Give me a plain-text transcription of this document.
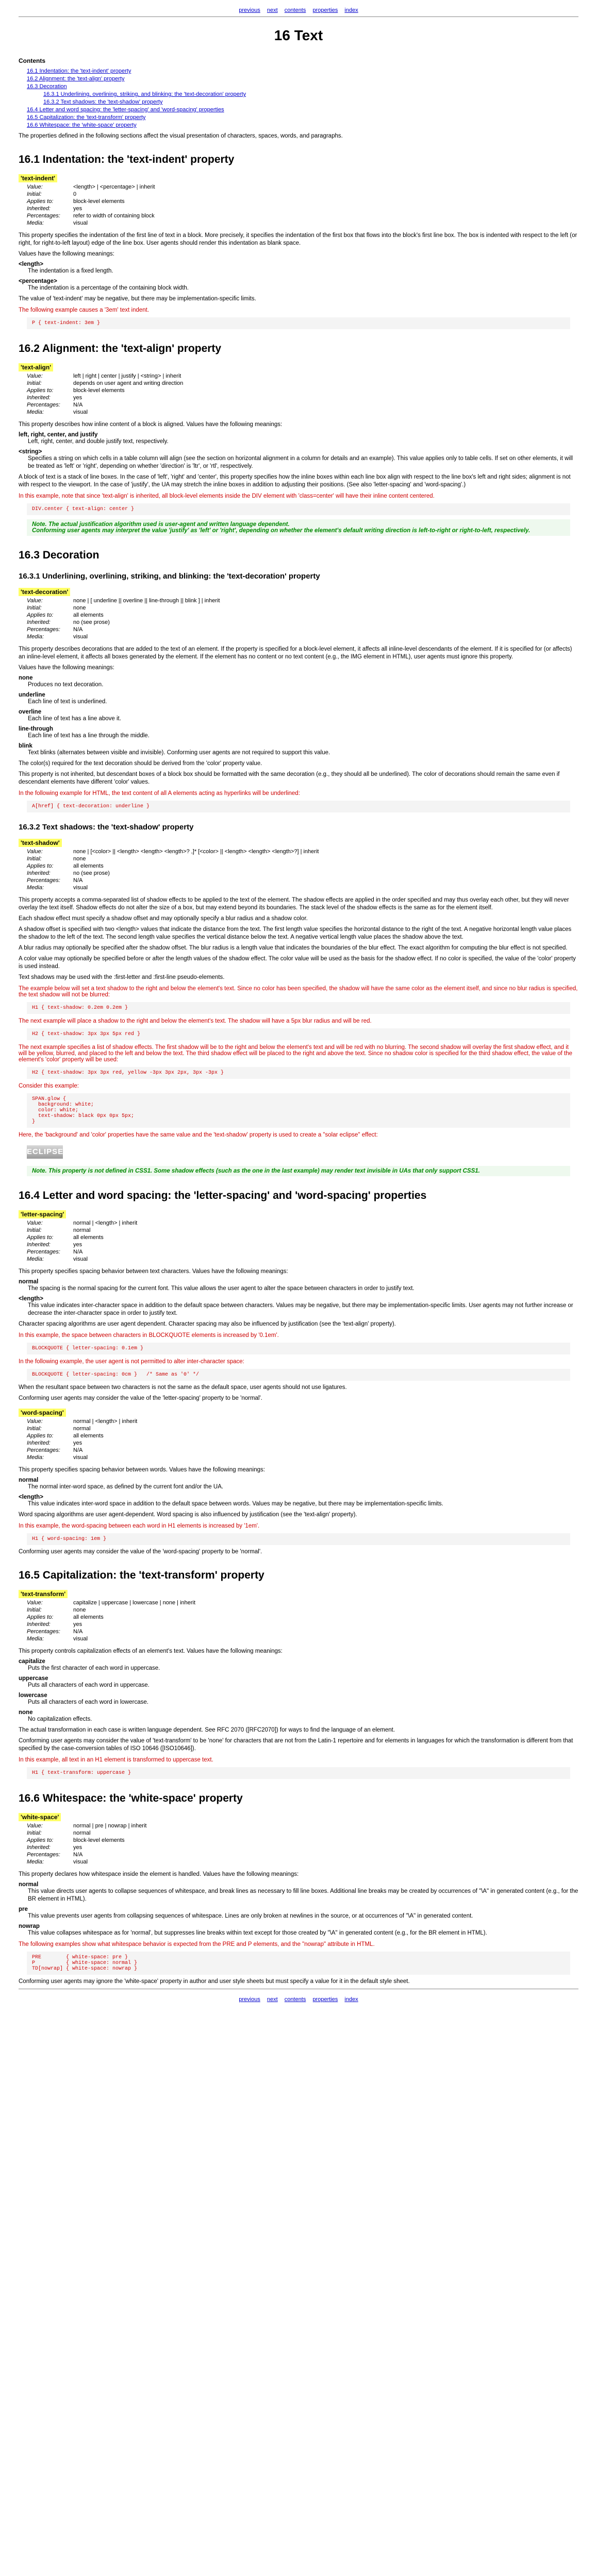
previous next contents properties index
16 Text
Contents
16.1 Indentation: the 'text-indent' property
16.2 Alignment: the 'text-align' property
16.3 Decoration
16.3.1 Underlining, overlining, striking, and blinking: the 'text-decoration' property
16.3.2 Text shadows: the 'text-shadow' property
16.4 Letter and word spacing: the 'letter-spacing' and 'word-spacing' properties
16.5 Capitalization: the 'text-transform' property
16.6 Whitespace: the 'white-space' property

The properties defined in the following sections affect the visual presentation of characters, spaces, words, and paragraphs.

16.1 Indentation: the 'text-indent' property
'text-indent'
Value:	<length> | <percentage> | inherit
Initial:	0
Applies to:	block-level elements
Inherited:	yes
Percentages:	refer to width of containing block
Media:	visual

This property specifies the indentation of the first line of text in a block. More precisely, it specifies the indentation of the first box that flows into the block's first line box. The box is indented with respect to the left (or right, for right-to-left layout) edge of the line box. User agents should render this indentation as blank space.

Values have the following meanings:

<length>
The indentation is a fixed length.
<percentage>
The indentation is a percentage of the containing block width.

The value of 'text-indent' may be negative, but there may be implementation-specific limits.

The following example causes a '3em' text indent.
P { text-indent: 3em }
16.2 Alignment: the 'text-align' property
'text-align'
Value:	left | right | center | justify | <string> | inherit
Initial:	depends on user agent and writing direction
Applies to:	block-level elements
Inherited:	yes
Percentages:	N/A
Media:	visual

This property describes how inline content of a block is aligned. Values have the following meanings:

left, right, center, and justify
Left, right, center, and double justify text, respectively.
<string>
Specifies a string on which cells in a table column will align (see the section on horizontal alignment in a column for details and an example). This value applies only to table cells. If set on other elements, it will be treated as 'left' or 'right', depending on whether 'direction' is 'ltr', or 'rtl', respectively.

A block of text is a stack of line boxes. In the case of 'left', 'right' and 'center', this property specifies how the inline boxes within each line box align with respect to the line box's left and right sides; alignment is not with respect to the viewport. In the case of 'justify', the UA may stretch the inline boxes in addition to adjusting their positions. (See also 'letter-spacing' and 'word-spacing'.)

In this example, note that since 'text-align' is inherited, all block-level elements inside the DIV element with 'class=center' will have their inline content centered.
DIV.center { text-align: center }
Note. The actual justification algorithm used is user-agent and written language dependent.
Conforming user agents may interpret the value 'justify' as 'left' or 'right', depending on whether the element's default writing direction is left-to-right or right-to-left, respectively.
16.3 Decoration
16.3.1 Underlining, overlining, striking, and blinking: the 'text-decoration' property
'text-decoration'
Value:	none | [ underline || overline || line-through || blink ] | inherit
Initial:	none
Applies to:	all elements
Inherited:	no (see prose)
Percentages:	N/A
Media:	visual

This property describes decorations that are added to the text of an element. If the property is specified for a block-level element, it affects all inline-level descendants of the element. If it is specified for (or affects) an inline-level element, it affects all boxes generated by the element. If the element has no content or no text content (e.g., the IMG element in HTML), user agents must ignore this property.

Values have the following meanings:

none
Produces no text decoration.
underline
Each line of text is underlined.
overline
Each line of text has a line above it.
line-through
Each line of text has a line through the middle.
blink
Text blinks (alternates between visible and invisible). Conforming user agents are not required to support this value.

The color(s) required for the text decoration should be derived from the 'color' property value.

This property is not inherited, but descendant boxes of a block box should be formatted with the same decoration (e.g., they should all be underlined). The color of decorations should remain the same even if descendant elements have different 'color' values.

In the following example for HTML, the text content of all A elements acting as hyperlinks will be underlined:
A[href] { text-decoration: underline }
16.3.2 Text shadows: the 'text-shadow' property
'text-shadow'
Value:	none | [<color> || <length> <length> <length>? ,]* [<color> || <length> <length> <length>?] | inherit
Initial:	none
Applies to:	all elements
Inherited:	no (see prose)
Percentages:	N/A
Media:	visual

This property accepts a comma-separated list of shadow effects to be applied to the text of the element. The shadow effects are applied in the order specified and may thus overlay each other, but they will never overlay the text itself. Shadow effects do not alter the size of a box, but may extend beyond its boundaries. The stack level of the shadow effects is the same as for the element itself.

Each shadow effect must specify a shadow offset and may optionally specify a blur radius and a shadow color.

A shadow offset is specified with two <length> values that indicate the distance from the text. The first length value specifies the horizontal distance to the right of the text. A negative horizontal length value places the shadow to the left of the text. The second length value specifies the vertical distance below the text. A negative vertical length value places the shadow above the text.

A blur radius may optionally be specified after the shadow offset. The blur radius is a length value that indicates the boundaries of the blur effect. The exact algorithm for computing the blur effect is not specified.

A color value may optionally be specified before or after the length values of the shadow effect. The color value will be used as the basis for the shadow effect. If no color is specified, the value of the 'color' property is used instead.

Text shadows may be used with the :first-letter and :first-line pseudo-elements.

The example below will set a text shadow to the right and below the element's text. Since no color has been specified, the shadow will have the same color as the element itself, and since no blur radius is specified, the text shadow will not be blurred:
H1 { text-shadow: 0.2em 0.2em }
The next example will place a shadow to the right and below the element's text. The shadow will have a 5px blur radius and will be red.
H2 { text-shadow: 3px 3px 5px red }
The next example specifies a list of shadow effects. The first shadow will be to the right and below the element's text and will be red with no blurring. The second shadow will overlay the first shadow effect, and it will be yellow, blurred, and placed to the left and below the text. The third shadow effect will be placed to the right and above the text. Since no shadow color is specified for the third shadow effect, the value of the element's 'color' property will be used:
H2 { text-shadow: 3px 3px red, yellow -3px 3px 2px, 3px -3px }
Consider this example:
SPAN.glow {
background: white;
color: white;
text-shadow: black 0px 0px 5px;
}
Here, the 'background' and 'color' properties have the same value and the 'text-shadow' property is used to create a "solar eclipse" effect:
ECLIPSE
Note. This property is not defined in CSS1. Some shadow effects (such as the one in the last example) may render text invisible in UAs that only support CSS1.
16.4 Letter and word spacing: the 'letter-spacing' and 'word-spacing' properties
'letter-spacing'
Value:	normal | <length> | inherit
Initial:	normal
Applies to:	all elements
Inherited:	yes
Percentages:	N/A
Media:	visual

This property specifies spacing behavior between text characters. Values have the following meanings:

normal
The spacing is the normal spacing for the current font. This value allows the user agent to alter the space between characters in order to justify text.
<length>
This value indicates inter-character space in addition to the default space between characters. Values may be negative, but there may be implementation-specific limits. User agents may not further increase or decrease the inter-character space in order to justify text.

Character spacing algorithms are user agent dependent. Character spacing may also be influenced by justification (see the 'text-align' property).

In this example, the space between characters in BLOCKQUOTE elements is increased by '0.1em'.
BLOCKQUOTE { letter-spacing: 0.1em }
In the following example, the user agent is not permitted to alter inter-character space:
BLOCKQUOTE { letter-spacing: 0cm }   /* Same as '0' */

When the resultant space between two characters is not the same as the default space, user agents should not use ligatures.

Conforming user agents may consider the value of the 'letter-spacing' property to be 'normal'.

'word-spacing'
Value:	normal | <length> | inherit
Initial:	normal
Applies to:	all elements
Inherited:	yes
Percentages:	N/A
Media:	visual

This property specifies spacing behavior between words. Values have the following meanings:

normal
The normal inter-word space, as defined by the current font and/or the UA.
<length>
This value indicates inter-word space in addition to the default space between words. Values may be negative, but there may be implementation-specific limits.

Word spacing algorithms are user agent-dependent. Word spacing is also influenced by justification (see the 'text-align' property).

In this example, the word-spacing between each word in H1 elements is increased by '1em'.
H1 { word-spacing: 1em }

Conforming user agents may consider the value of the 'word-spacing' property to be 'normal'.

16.5 Capitalization: the 'text-transform' property
'text-transform'
Value:	capitalize | uppercase | lowercase | none | inherit
Initial:	none
Applies to:	all elements
Inherited:	yes
Percentages:	N/A
Media:	visual

This property controls capitalization effects of an element's text. Values have the following meanings:

capitalize
Puts the first character of each word in uppercase.
uppercase
Puts all characters of each word in uppercase.
lowercase
Puts all characters of each word in lowercase.
none
No capitalization effects.

The actual transformation in each case is written language dependent. See RFC 2070 ([RFC2070]) for ways to find the language of an element.

Conforming user agents may consider the value of 'text-transform' to be 'none' for characters that are not from the Latin-1 repertoire and for elements in languages for which the transformation is different from that specified by the case-conversion tables of ISO 10646 ([ISO10646]).

In this example, all text in an H1 element is transformed to uppercase text.
H1 { text-transform: uppercase }
16.6 Whitespace: the 'white-space' property
'white-space'
Value:	normal | pre | nowrap | inherit
Initial:	normal
Applies to:	block-level elements
Inherited:	yes
Percentages:	N/A
Media:	visual

This property declares how whitespace inside the element is handled. Values have the following meanings:

normal
This value directs user agents to collapse sequences of whitespace, and break lines as necessary to fill line boxes. Additional line breaks may be created by occurrences of "\A" in generated content (e.g., for the BR element in HTML).
pre
This value prevents user agents from collapsing sequences of whitespace. Lines are only broken at newlines in the source, or at occurrences of "\A" in generated content.
nowrap
This value collapses whitespace as for 'normal', but suppresses line breaks within text except for those created by "\A" in generated content (e.g., for the BR element in HTML).
The following examples show what whitespace behavior is expected from the PRE and P elements, and the "nowrap" attribute in HTML.
PRE        { white-space: pre }
P          { white-space: normal }
TD[nowrap] { white-space: nowrap }

Conforming user agents may ignore the 'white-space' property in author and user style sheets but must specify a value for it in the default style sheet.

previous next contents properties index
